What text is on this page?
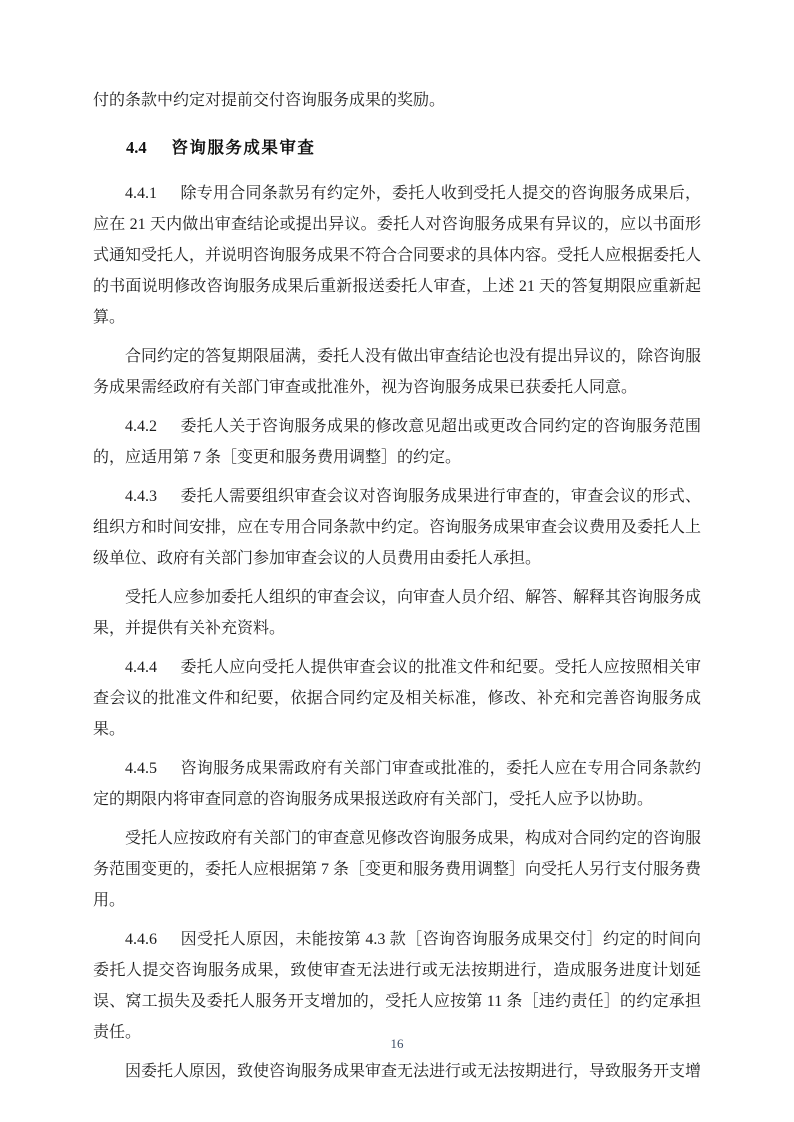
付的条款中约定对提前交付咨询服务成果的奖励。

4.4 咨询服务成果审查

4.4.1 除专用合同条款另有约定外，委托人收到受托人提交的咨询服务成果后，应在 21 天内做出审查结论或提出异议。委托人对咨询服务成果有异议的，应以书面形式通知受托人，并说明咨询服务成果不符合合同要求的具体内容。受托人应根据委托人的书面说明修改咨询服务成果后重新报送委托人审查，上述 21 天的答复期限应重新起算。

合同约定的答复期限届满，委托人没有做出审查结论也没有提出异议的，除咨询服务成果需经政府有关部门审查或批准外，视为咨询服务成果已获委托人同意。

4.4.2 委托人关于咨询服务成果的修改意见超出或更改合同约定的咨询服务范围的，应适用第 7 条［变更和服务费用调整］的约定。

4.4.3 委托人需要组织审查会议对咨询服务成果进行审查的，审查会议的形式、组织方和时间安排，应在专用合同条款中约定。咨询服务成果审查会议费用及委托人上级单位、政府有关部门参加审查会议的人员费用由委托人承担。

受托人应参加委托人组织的审查会议，向审查人员介绍、解答、解释其咨询服务成果，并提供有关补充资料。

4.4.4 委托人应向受托人提供审查会议的批准文件和纪要。受托人应按照相关审查会议的批准文件和纪要，依据合同约定及相关标准，修改、补充和完善咨询服务成果。

4.4.5 咨询服务成果需政府有关部门审查或批准的，委托人应在专用合同条款约定的期限内将审查同意的咨询服务成果报送政府有关部门，受托人应予以协助。

受托人应按政府有关部门的审查意见修改咨询服务成果，构成对合同约定的咨询服务范围变更的，委托人应根据第 7 条［变更和服务费用调整］向受托人另行支付服务费用。

4.4.6 因受托人原因，未能按第 4.3 款［咨询咨询服务成果交付］约定的时间向委托人提交咨询服务成果，致使审查无法进行或无法按期进行，造成服务进度计划延误、窝工损失及委托人服务开支增加的，受托人应按第 11 条［违约责任］的约定承担责任。

因委托人原因，致使咨询服务成果审查无法进行或无法按期进行，导致服务开支增

16
